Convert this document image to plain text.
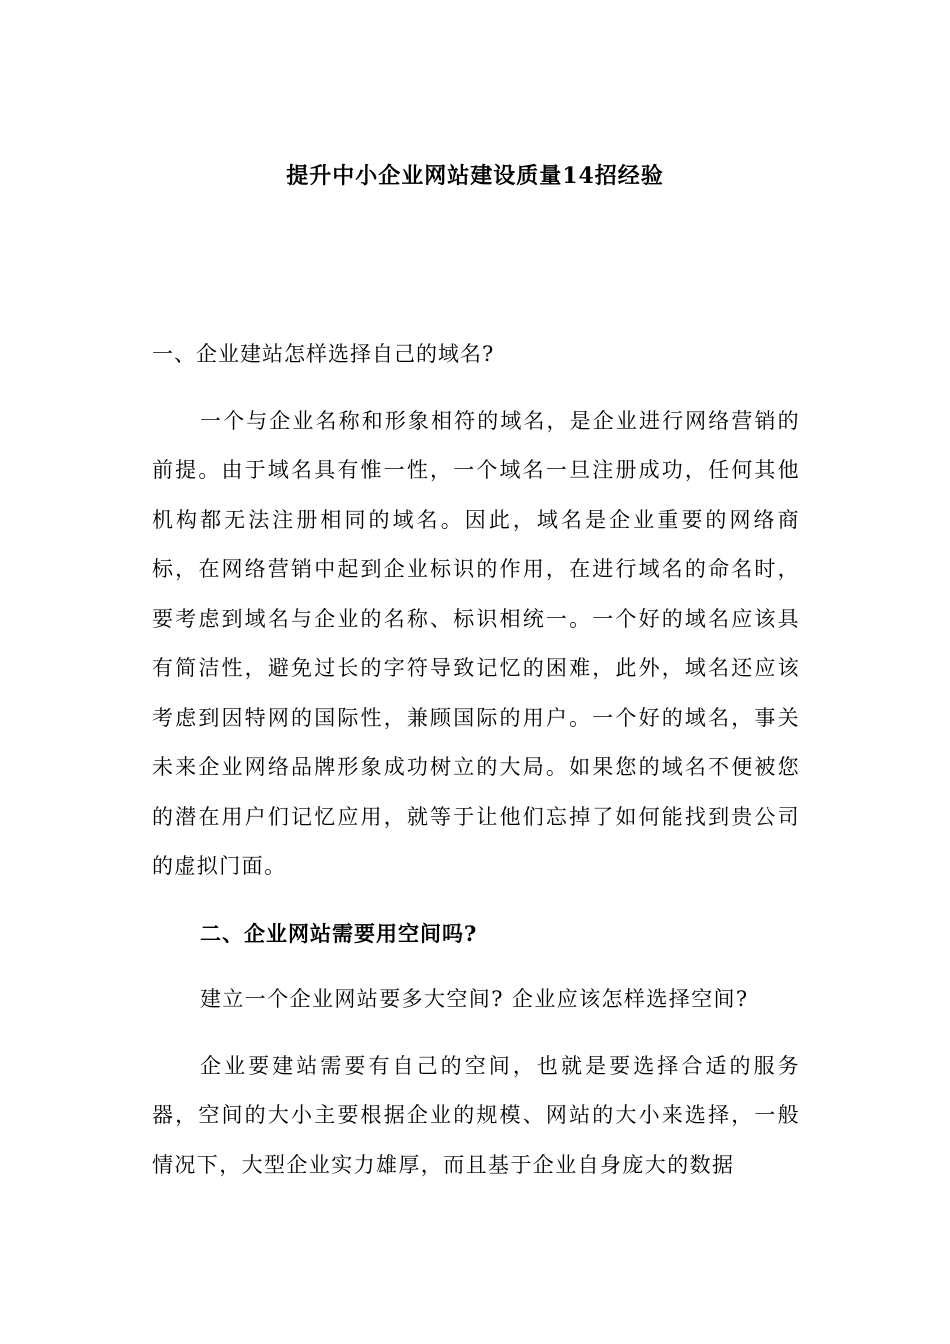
提升中小企业网站建设质量14招经验

一、企业建站怎样选择自己的域名?

一个与企业名称和形象相符的域名，是企业进行网络营销的前提。由于域名具有惟一性，一个域名一旦注册成功，任何其他机构都无法注册相同的域名。因此，域名是企业重要的网络商标，在网络营销中起到企业标识的作用，在进行域名的命名时，要考虑到域名与企业的名称、标识相统一。一个好的域名应该具有简洁性，避免过长的字符导致记忆的困难，此外，域名还应该考虑到因特网的国际性，兼顾国际的用户。一个好的域名，事关未来企业网络品牌形象成功树立的大局。如果您的域名不便被您的潜在用户们记忆应用，就等于让他们忘掉了如何能找到贵公司的虚拟门面。

二、企业网站需要用空间吗?

建立一个企业网站要多大空间? 企业应该怎样选择空间?

企业要建站需要有自己的空间，也就是要选择合适的服务器，空间的大小主要根据企业的规模、网站的大小来选择，一般情况下，大型企业实力雄厚，而且基于企业自身庞大的数据
